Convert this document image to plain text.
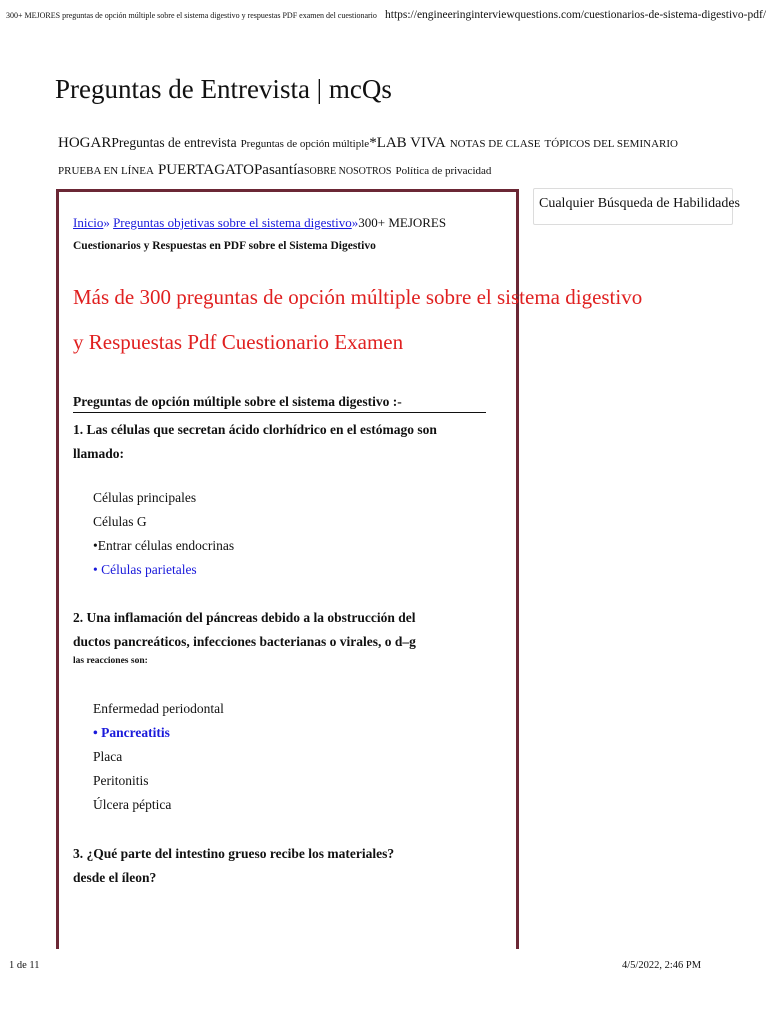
300+ MEJORES preguntas de opción múltiple sobre el sistema digestivo y respuestas PDF examen del cuestionario https://engineeringinterviewquestions.com/cuestionarios-de-sistema-digestivo-pdf/
Preguntas de Entrevista | mcQs
HOGARPreguntas de entrevista Preguntas de opción múltiple*LAB VIVA NOTAS DE CLASE TÓPICOS DEL SEMINARIO
PRUEBA EN LÍNEA PUERTAGATOPasantíaSOBRE NOSOTROS Política de privacidad
Cualquier Búsqueda de Habilidades
Inicio» Preguntas objetivas sobre el sistema digestivo»300+ MEJORES
Cuestionarios y Respuestas en PDF sobre el Sistema Digestivo
Más de 300 preguntas de opción múltiple sobre el sistema digestivo
y Respuestas Pdf Cuestionario Examen
Preguntas de opción múltiple sobre el sistema digestivo :-
1. Las células que secretan ácido clorhídrico en el estómago son
llamado:
Células principales
Células G
•Entrar células endocrinas
• Células parietales
2. Una inflamación del páncreas debido a la obstrucción del
ductos pancreáticos, infecciones bacterianas o virales, o d–g
las reacciones son:
Enfermedad periodontal
• Pancreatitis
Placa
Peritonitis
Úlcera péptica
3. ¿Qué parte del intestino grueso recibe los materiales?
desde el íleon?
1 de 11	4/5/2022, 2:46 PM
